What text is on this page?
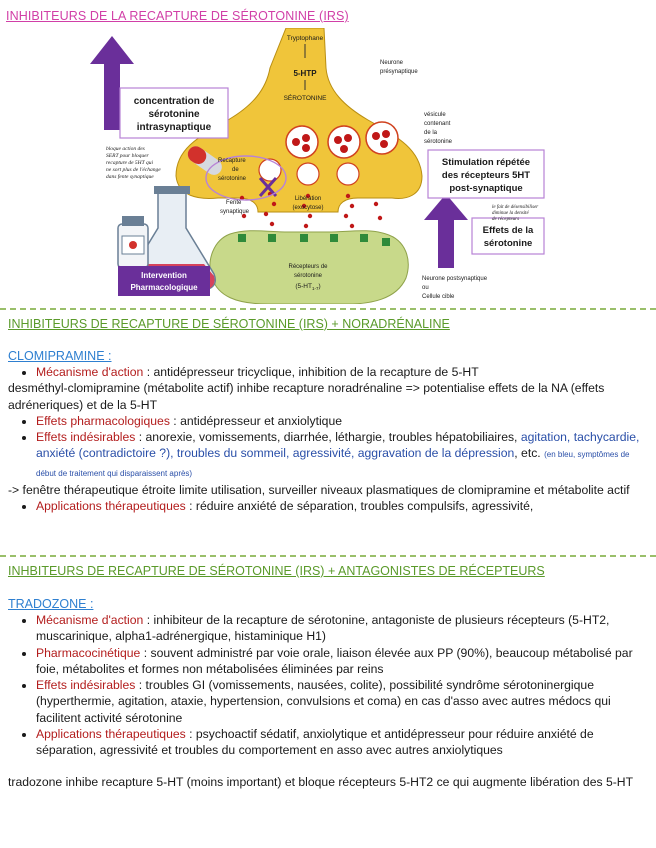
INHIBITEURS DE LA RECAPTURE DE SÉROTONINE (IRS)
Tryptophane
5-HTP
SÉROTONINE
Neurone
présynaptique
vésicule
contenant
de la
sérotonine
concentration de
sérotonine
intrasynaptique
bloque action des
SERT pour bloquer
recapture de 5HT qui
ne sort plus de l'échange
dans fente synaptique
Recapture
de
sérotonine
Fente
synaptique
Libération
(exocytose)
Stimulation répétée
des récepteurs 5HT
post-synaptique
le fait de désensibiliser
diminue la densité
de récepteurs
Effets de la
sérotonine
Récepteurs de
sérotonine
$(5-HT_{1-7})$
Neurone postsynaptique
ou
Cellule cible
Intervention
Pharmacologique
INHIBITEURS DE RECAPTURE DE SÉROTONINE (IRS) + NORADRÉNALINE
CLOMIPRAMINE :
• Mécanisme d'action : antidépresseur tricyclique, inhibition de la recapture de 5-HT

desméthyl-clomipramine (métabolite actif) inhibe recapture noradrénaline => potentialise effets de la NA (effets adréneriques) et de la 5-HT

• Effets pharmacologiques : antidépresseur et anxiolytique
• Effets indésirables : anorexie, vomissements, diarrhée, léthargie, troubles hépatobiliaires, agitation, tachycardie, anxiété (contradictoire ?), troubles du sommeil, agressivité, aggravation de la dépression, etc. (en bleu, symptômes de début de traitement qui disparaissent après)

-> fenêtre thérapeutique étroite limite utilisation, surveiller niveaux plasmatiques de clomipramine et métabolite actif

• Applications thérapeutiques : réduire anxiété de séparation, troubles compulsifs, agressivité,
INHBITEURS DE RECAPTURE DE SÉROTONINE (IRS) + ANTAGONISTES DE RÉCEPTEURS
TRADOZONE :
• Mécanisme d'action : inhibiteur de la recapture de sérotonine, antagoniste de plusieurs récepteurs (5-HT2, muscarinique, alpha1-adrénergique, histaminique H1)
• Pharmacocinétique : souvent administré par voie orale, liaison élevée aux PP (90%), beaucoup métabolisé par foie, métabolites et formes non métabolisées éliminées par reins
• Effets indésirables : troubles GI (vomissements, nausées, colite), possibilité syndrôme sérotoninergique (hyperthermie, agitation, ataxie, hypertension, convulsions et coma) en cas d'asso avec autres médocs qui facilitent activité sérotonine
• Applications thérapeutiques : psychoactif sédatif, anxiolytique et antidépresseur pour réduire anxiété de séparation, agressivité et troubles du comportement en asso avec autres anxiolytiques

tradozone inhibe recapture 5-HT (moins important) et bloque récepteurs 5-HT2 ce qui augmente libération des 5-HT
